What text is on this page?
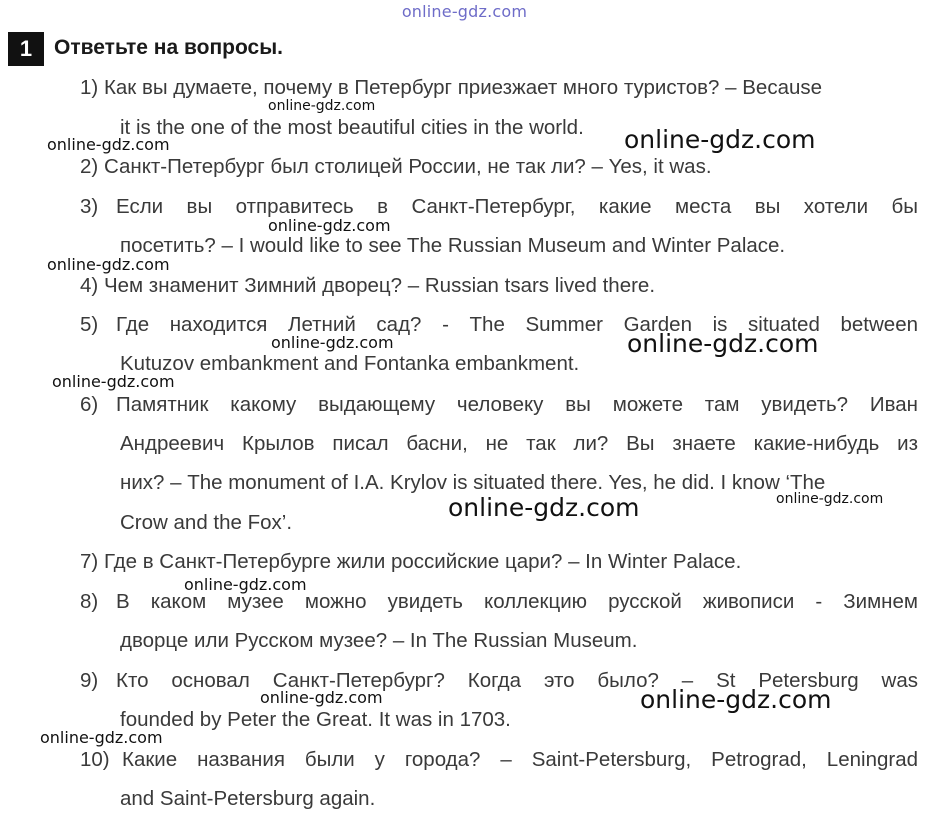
online-gdz.com
1	Ответьте на вопросы.
1) Как вы думаете, почему в Петербург приезжает много туристов? – Because
it is the one of the most beautiful cities in the world.
2) Санкт-Петербург был столицей России, не так ли? – Yes, it was.
3) Если вы отправитесь в Санкт-Петербург, какие места вы хотели бы
посетить? – I would like to see The Russian Museum and Winter Palace.
4) Чем знаменит Зимний дворец? – Russian tsars lived there.
5) Где находится Летний сад? - The Summer Garden is situated between
Kutuzov embankment and Fontanka embankment.
6) Памятник какому выдающему человеку вы можете там увидеть? Иван
Андреевич Крылов писал басни, не так ли? Вы знаете какие-нибудь из
них? – The monument of I.A. Krylov is situated there. Yes, he did. I know ‘The
Crow and the Fox’.
7) Где в Санкт-Петербурге жили российские цари? – In Winter Palace.
8) В каком музее можно увидеть коллекцию русской живописи - Зимнем
дворце или Русском музее? – In The Russian Museum.
9) Кто основал Санкт-Петербург? Когда это было? – St Petersburg was
founded by Peter the Great. It was in 1703.
10) Какие названия были у города? – Saint-Petersburg, Petrograd, Leningrad
and Saint-Petersburg again.
online-gdz.com
online-gdz.com	online-gdz.com
online-gdz.com
online-gdz.com
online-gdz.com	online-gdz.com
online-gdz.com
online-gdz.com
online-gdz.com
online-gdz.com
online-gdz.com	online-gdz.com
online-gdz.com
